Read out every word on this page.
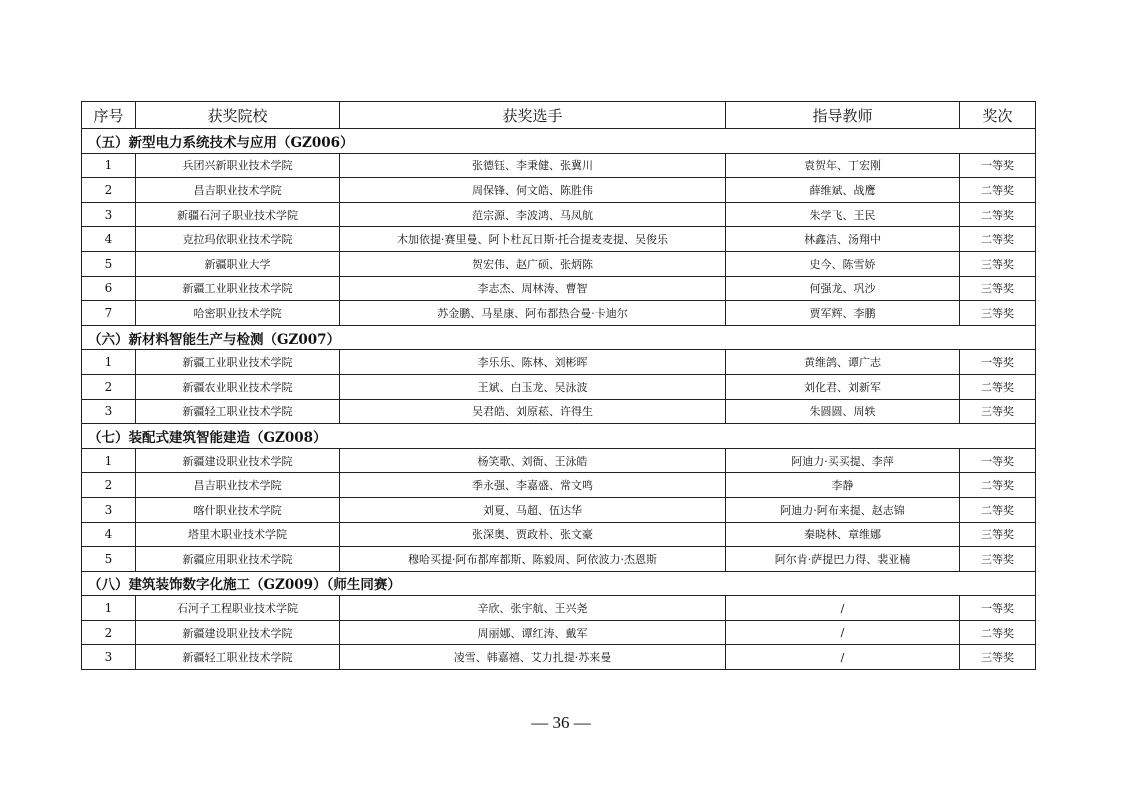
序号	获奖院校	获奖选手	指导教师	奖次
（五）新型电力系统技术与应用（GZ006）				
1	兵团兴新职业技术学院	张德钰、李秉健、张冀川	袁贺年、丁宏刚	一等奖
2	昌吉职业技术学院	周保锋、何文皓、陈胜伟	薛维斌、战鹰	二等奖
3	新疆石河子职业技术学院	范宗源、李波鸿、马凤航	朱学飞、王民	二等奖
4	克拉玛依职业技术学院	木加依提·赛里曼、阿卜杜瓦日斯·托合提麦麦提、吴俊乐	林鑫洁、汤翔中	二等奖
5	新疆职业大学	贺宏伟、赵广硕、张炳陈	史今、陈雪娇	三等奖
6	新疆工业职业技术学院	李志杰、周林涛、曹智	何强龙、巩沙	三等奖
7	哈密职业技术学院	苏金鹏、马星康、阿布都热合曼·卡迪尔	贾军辉、李鹏	三等奖
（六）新材料智能生产与检测（GZ007）				
1	新疆工业职业技术学院	李乐乐、陈林、刘彬晖	黄维鸽、谭广志	一等奖
2	新疆农业职业技术学院	王斌、白玉龙、吴泳波	刘化君、刘新军	二等奖
3	新疆轻工职业技术学院	吴君皓、刘原菘、许得生	朱圆圆、周轶	三等奖
（七）装配式建筑智能建造（GZ008）				
1	新疆建设职业技术学院	杨笑歌、刘衙、王泳皓	阿迪力·买买提、李萍	一等奖
2	昌吉职业技术学院	季永强、李嘉盛、常文鸣	李静	二等奖
3	喀什职业技术学院	刘夏、马超、伍达华	阿迪力·阿布来提、赵志锦	二等奖
4	塔里木职业技术学院	张深奥、贾政朴、张文豪	秦晓林、章维娜	三等奖
5	新疆应用职业技术学院	穆哈买提·阿布都库都斯、陈毅周、阿依波力·杰恩斯	阿尔肯·萨提巴力得、裴亚楠	三等奖
（八）建筑装饰数字化施工（GZ009）（师生同赛）				
1	石河子工程职业技术学院	辛欣、张宇航、王兴尧	/	一等奖
2	新疆建设职业技术学院	周丽娜、谭红涛、戴军	/	二等奖
3	新疆轻工职业技术学院	凌雪、韩嘉禧、艾力扎提·苏来曼	/	三等奖
— 36 —
